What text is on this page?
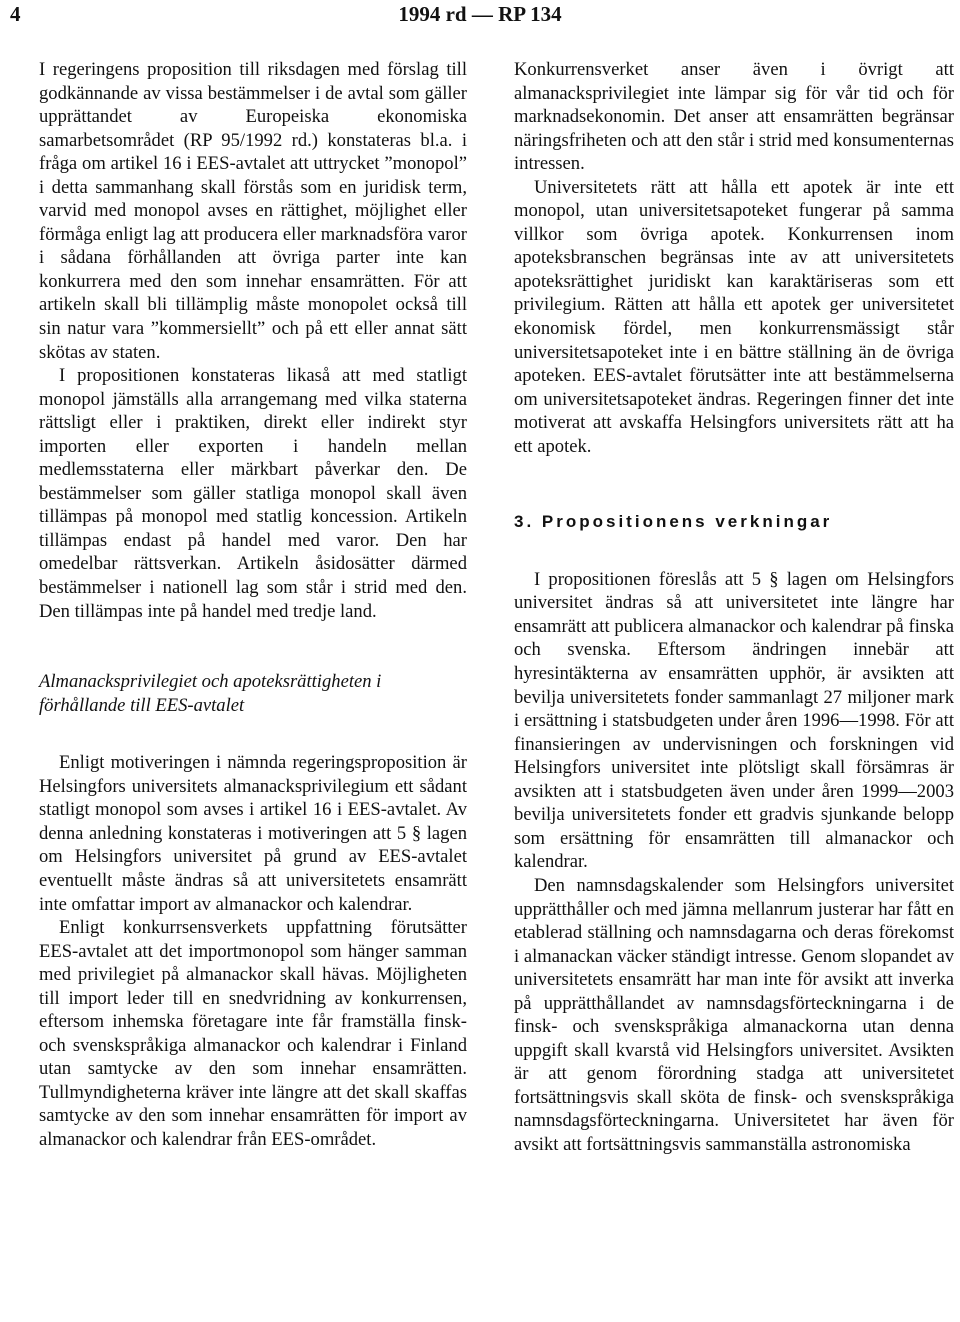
4	1994 rd — RP 134

I regeringens proposition till riksdagen med förslag till godkännande av vissa bestämmelser i de avtal som gäller upprättandet av Europeiska ekonomiska samarbetsområdet (RP 95/1992 rd.) konstateras bl.a. i fråga om artikel 16 i EES-avtalet att uttrycket ”monopol” i detta sammanhang skall förstås som en juridisk term, varvid med monopol avses en rättighet, möjlighet eller förmåga enligt lag att producera eller marknadsföra varor i sådana förhållanden att övriga parter inte kan konkurrera med den som innehar ensamrätten. För att artikeln skall bli tillämplig måste monopolet också till sin natur vara ”kommersiellt” och på ett eller annat sätt skötas av staten.

I propositionen konstateras likaså att med statligt monopol jämställs alla arrangemang med vilka staterna rättsligt eller i praktiken, direkt eller indirekt styr importen eller exporten i handeln mellan medlemsstaterna eller märkbart påverkar den. De bestämmelser som gäller statliga monopol skall även tillämpas på monopol med statlig koncession. Artikeln tillämpas endast på handel med varor. Den har omedelbar rättsverkan. Artikeln åsidosätter därmed bestämmelser i nationell lag som står i strid med den. Den tillämpas inte på handel med tredje land.

Almanacksprivilegiet och apoteksrättigheten i förhållande till EES-avtalet

Enligt motiveringen i nämnda regeringsproposition är Helsingfors universitets almanacksprivilegium ett sådant statligt monopol som avses i artikel 16 i EES-avtalet. Av denna anledning konstateras i motiveringen att 5 § lagen om Helsingfors universitet på grund av EES-avtalet eventuellt måste ändras så att universitetets ensamrätt inte omfattar import av almanackor och kalendrar.

Enligt konkurrsensverkets uppfattning förutsätter EES-avtalet att det importmonopol som hänger samman med privilegiet på almanackor skall hävas. Möjligheten till import leder till en snedvridning av konkurrensen, eftersom inhemska företagare inte får framställa finsk- och svenskspråkiga almanackor och kalendrar i Finland utan samtycke av den som innehar ensamrätten. Tullmyndigheterna kräver inte längre att det skall skaffas samtycke av den som innehar ensamrätten för import av almanackor och kalendrar från EES-området.

Konkurrensverket anser även i övrigt att almanacksprivilegiet inte lämpar sig för vår tid och för marknadsekonomin. Det anser att ensamrätten begränsar näringsfriheten och att den står i strid med konsumenternas intressen.

Universitetets rätt att hålla ett apotek är inte ett monopol, utan universitetsapoteket fungerar på samma villkor som övriga apotek. Konkurrensen inom apoteksbranschen begränsas inte av att universitetets apoteksrättighet juridiskt kan karaktäriseras som ett privilegium. Rätten att hålla ett apotek ger universitetet ekonomisk fördel, men konkurrensmässigt står universitetsapoteket inte i en bättre ställning än de övriga apoteken. EES-avtalet förutsätter inte att bestämmelserna om universitetsapoteket ändras. Regeringen finner det inte motiverat att avskaffa Helsingfors universitets rätt att ha ett apotek.

3. Propositionens verkningar

I propositionen föreslås att 5 § lagen om Helsingfors universitet ändras så att universitetet inte längre har ensamrätt att publicera almanackor och kalendrar på finska och svenska. Eftersom ändringen innebär att hyresintäkterna av ensamrätten upphör, är avsikten att bevilja universitetets fonder sammanlagt 27 miljoner mark i ersättning i statsbudgeten under åren 1996—1998. För att finansieringen av undervisningen och forskningen vid Helsingfors universitet inte plötsligt skall försämras är avsikten att i statsbudgeten även under åren 1999—2003 bevilja universitetets fonder ett gradvis sjunkande belopp som ersättning för ensamrätten till almanackor och kalendrar.

Den namnsdagskalender som Helsingfors universitet upprätthåller och med jämna mellanrum justerar har fått en etablerad ställning och namnsdagarna och deras förekomst i almanackan väcker ständigt intresse. Genom slopandet av universitetets ensamrätt har man inte för avsikt att inverka på upprätthållandet av namnsdagsförteckningarna i de finsk- och svenskspråkiga almanackorna utan denna uppgift skall kvarstå vid Helsingfors universitet. Avsikten är att genom förordning stadga att universitetet fortsättningsvis skall sköta de finsk- och svenskspråkiga namnsdagsförteckningarna. Universitetet har även för avsikt att fortsättningsvis sammanställa astronomiska
